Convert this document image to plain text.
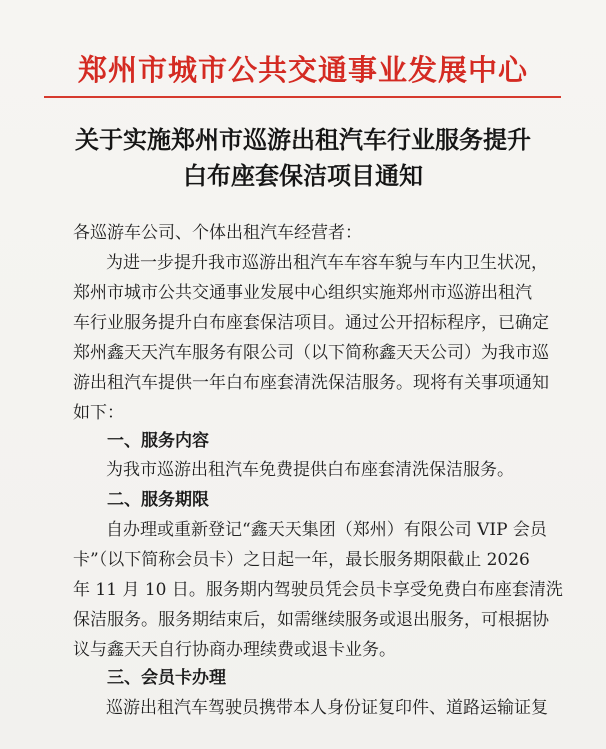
郑州市城市公共交通事业发展中心
关于实施郑州市巡游出租汽车行业服务提升
白布座套保洁项目通知
各巡游车公司、个体出租汽车经营者：
为进一步提升我市巡游出租汽车车容车貌与车内卫生状况，
郑州市城市公共交通事业发展中心组织实施郑州市巡游出租汽
车行业服务提升白布座套保洁项目。通过公开招标程序，已确定
郑州鑫天天汽车服务有限公司（以下简称鑫天天公司）为我市巡
游出租汽车提供一年白布座套清洗保洁服务。现将有关事项通知
如下：
一、服务内容
为我市巡游出租汽车免费提供白布座套清洗保洁服务。
二、服务期限
自办理或重新登记“鑫天天集团（郑州）有限公司 VIP 会员
卡”（以下简称会员卡）之日起一年，最长服务期限截止 2026
年 11 月 10 日。服务期内驾驶员凭会员卡享受免费白布座套清洗
保洁服务。服务期结束后，如需继续服务或退出服务，可根据协
议与鑫天天自行协商办理续费或退卡业务。
三、会员卡办理
巡游出租汽车驾驶员携带本人身份证复印件、道路运输证复
